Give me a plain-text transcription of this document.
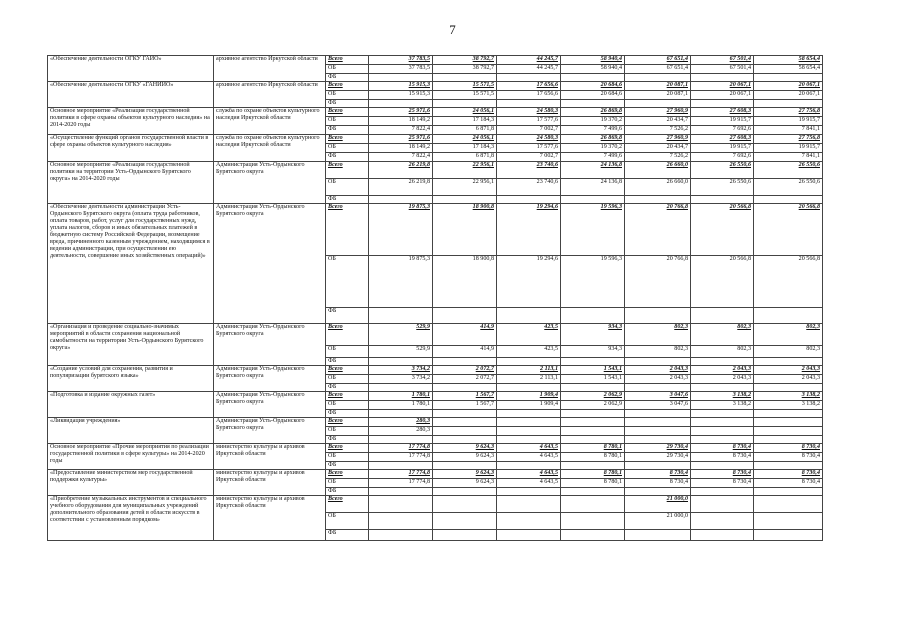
7
«Обеспечение деятельности ОГКУ ГАИО»	архивное агентство Иркутской области	Всего	37 783,5	38 792,7	44 245,7	58 940,4	67 651,4	67 501,4	58 654,4
		ОБ	37 783,5	38 792,7	44 245,7	58 940,4	67 651,4	67 501,4	58 654,4
		ФБ							
«Обеспечение деятельности ОГКУ «ГАНИИО»	архивное агентство Иркутской области	Всего	15 915,3	15 571,5	17 656,6	20 684,6	20 087,1	20 067,1	20 067,1
		ОБ	15 915,3	15 571,5	17 656,6	20 684,6	20 087,1	20 067,1	20 067,1
		ФБ							
Основное мероприятие «Реализация государственной политики в сфере охраны объектов культурного наследия» на 2014-2020 годы	служба по охране объектов культурного наследия Иркутской области	Всего	25 971,6	24 056,1	24 580,3	26 869,8	27 960,9	27 608,3	27 756,8
		ОБ	18 149,2	17 184,3	17 577,6	19 370,2	20 434,7	19 915,7	19 915,7
		ФБ	7 822,4	6 871,8	7 002,7	7 499,6	7 526,2	7 692,6	7 841,1
«Осуществление функций органов государственной власти в сфере охраны объектов культурного наследия»	служба по охране объектов культурного наследия Иркутской области	Всего	25 971,6	24 056,1	24 580,3	26 869,8	27 960,9	27 608,3	27 756,8
		ОБ	18 149,2	17 184,3	17 577,6	19 370,2	20 434,7	19 915,7	19 915,7
		ФБ	7 822,4	6 871,8	7 002,7	7 499,6	7 526,2	7 692,6	7 841,1
Основное мероприятие «Реализация государственной политики на территории Усть-Ордынского Бурятского округа» на 2014-2020 годы	Администрация Усть-Ордынского Бурятского округа	Всего	26 219,8	22 956,1	23 740,6	24 136,8	26 660,0	26 550,6	26 550,6
		ОБ	26 219,8	22 956,1	23 740,6	24 136,8	26 660,0	26 550,6	26 550,6
		ФБ							
«Обеспечение деятельности администрации Усть-Ордынского Бурятского округа (оплата труда работников, оплата товаров, работ, услуг для государственных нужд, уплата налогов, сборов и иных обязательных платежей в бюджетную систему Российской Федерации, возмещение вреда, причиненного казенным учреждением, находящимся в ведении администрации, при осуществлении ею деятельности, совершение иных хозяйственных операций)»	Администрация Усть-Ордынского Бурятского округа	Всего	19 875,3	18 900,8	19 294,6	19 596,3	20 766,8	20 566,8	20 566,8
		ОБ	19 875,3	18 900,8	19 294,6	19 596,3	20 766,8	20 566,8	20 566,8
		ФБ							
«Организация и проведение социально-значимых мероприятий в области сохранения национальной самобытности на территории Усть-Ордынского Бурятского округа»	Администрация Усть-Ордынского Бурятского округа	Всего	529,9	414,9	423,5	934,3	802,3	802,3	802,3
		ОБ	529,9	414,9	423,5	934,3	802,3	802,3	802,3
		ФБ							
«Создание условий для сохранения, развития и популяризации бурятского языка»	Администрация Усть-Ордынского Бурятского округа	Всего	3 734,2	2 072,7	2 113,1	1 543,1	2 043,3	2 043,3	2 043,3
		ОБ	3 734,2	2 072,7	2 113,1	1 543,1	2 043,3	2 043,3	2 043,3
		ФБ							
«Подготовка и издание окружных газет»	Администрация Усть-Ордынского Бурятского округа	Всего	1 780,1	1 567,7	1 909,4	2 062,9	3 047,6	3 138,2	3 138,2
		ОБ	1 780,1	1 567,7	1 909,4	2 062,9	3 047,6	3 138,2	3 138,2
		ФБ							
«Ликвидация учреждения»	Администрация Усть-Ордынского Бурятского округа	Всего	280,3						
		ОБ	280,3						
		ФБ							
Основное мероприятие «Прочие мероприятия по реализации государственной политики в сфере культуры» на 2014-2020 годы	министерство культуры и архивов Иркутской области	Всего	17 774,8	9 624,3	4 643,5	8 780,1	29 730,4	8 730,4	8 730,4
		ОБ	17 774,8	9 624,3	4 643,5	8 780,1	29 730,4	8 730,4	8 730,4
		ФБ							
«Предоставление министерством мер государственной поддержки культуры»	министерство культуры и архивов Иркутской области	Всего	17 774,8	9 624,3	4 643,5	8 780,1	8 730,4	8 730,4	8 730,4
		ОБ	17 774,8	9 624,3	4 643,5	8 780,1	8 730,4	8 730,4	8 730,4
		ФБ							
«Приобретение музыкальных инструментов и специального учебного оборудования для муниципальных учреждений дополнительного образования детей в области искусств в соответствии с установленным порядком»	министерство культуры и архивов Иркутской области	Всего					21 000,0		
		ОБ					21 000,0		
		ФБ							
